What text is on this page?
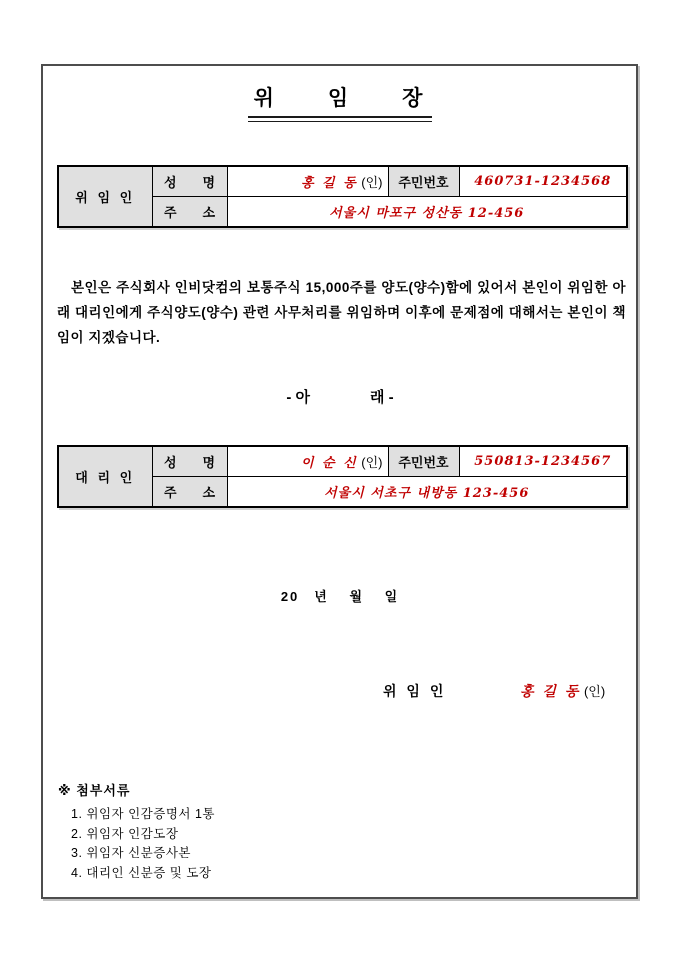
위　　임　　장
위 임 인	성　　명	홍 길 동 (인)	주민번호	460731-1234568
	주　　소	서울시 마포구 성산동 12-456		
본인은 주식회사 인비닷컴의 보통주식 15,000주를 양도(양수)함에 있어서 본인이 위임한 아래 대리인에게 주식양도(양수) 관련 사무처리를 위임하며 이후에 문제점에 대해서는 본인이 책임이 지겠습니다.
- 아　　　　래 -
대 리 인	성　　명	이 순 신 (인)	주민번호	550813-1234567
	주　　소	서울시 서초구 내방동 123-456		
20　년　 월　 일
위 임 인	홍 길 동 (인)
※ 첨부서류
1. 위임자 인감증명서 1통
2. 위임자 인감도장
3. 위임자 신분증사본
4. 대리인 신분증 및 도장
